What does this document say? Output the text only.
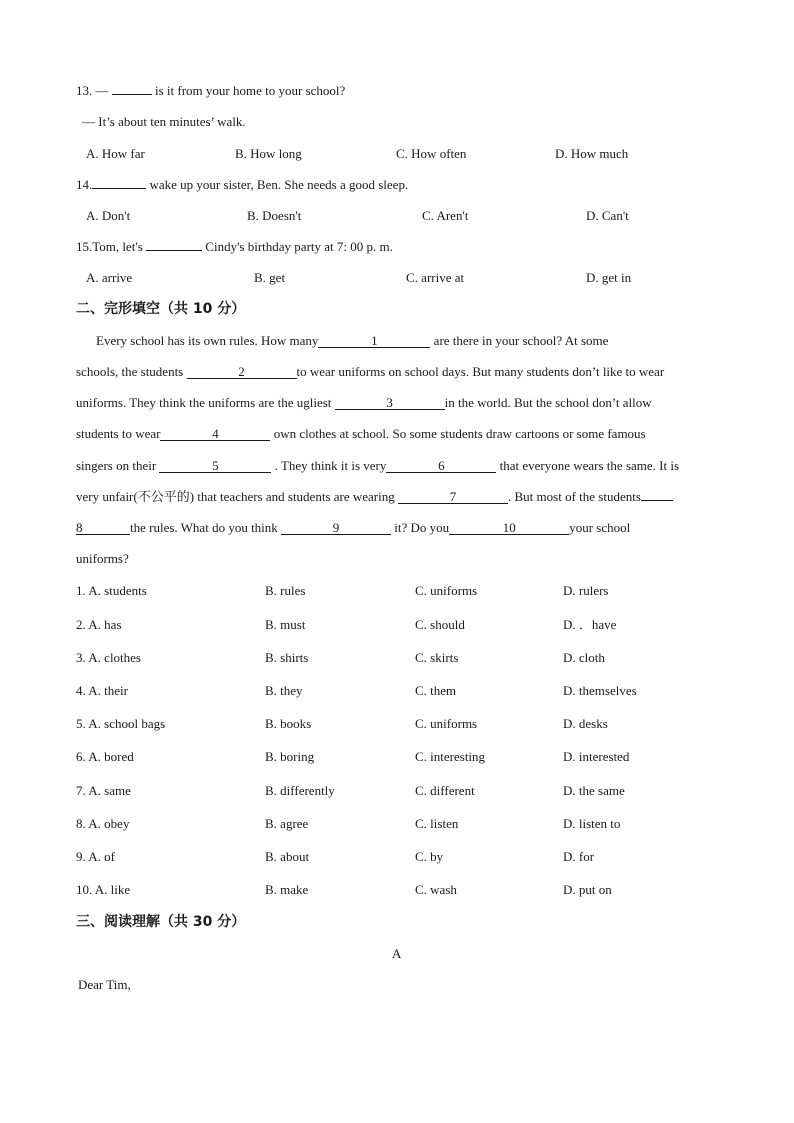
13. —	is it from your home to your school?
— It’s about ten minutes’ walk.
A. How far	B. How long	C. How often	D. How much
14.	wake up your sister, Ben. She needs a good sleep.
A. Don't	B. Doesn't	C. Aren't	D. Can't
15.Tom, let's	Cindy's birthday party at 7: 00 p. m.
A. arrive	B. get	C. arrive at	D. get in
二、完形填空（共 10 分）
Every school has its own rules. How many	1	are there in your school? At some
schools, the students	2	to wear uniforms on school days. But many students don’t like to wear
uniforms. They think the uniforms are the ugliest	3	in the world. But the school don’t allow
students to wear	4	own clothes at school. So some students draw cartoons or some famous
singers on their	5	. They think it is very	6	that everyone wears the same. It is
very unfair(不公平的) that teachers and students are wearing	7	. But most of the students
8	the rules. What do you think	9	it? Do you	10	your school
uniforms?
1. A. students	B. rules	C. uniforms	D. rulers
2. A. has	B. must	C. should	D. ．have
3. A. clothes	B. shirts	C. skirts	D. cloth
4. A. their	B. they	C. them	D. themselves
5. A. school bags	B. books	C. uniforms	D. desks
6. A. bored	B. boring	C. interesting	D. interested
7. A. same	B. differently	C. different	D. the same
8. A. obey	B. agree	C. listen	D. listen to
9. A. of	B. about	C. by	D. for
10. A. like	B. make	C. wash	D. put on
三、阅读理解（共 30 分）
A
Dear Tim,
